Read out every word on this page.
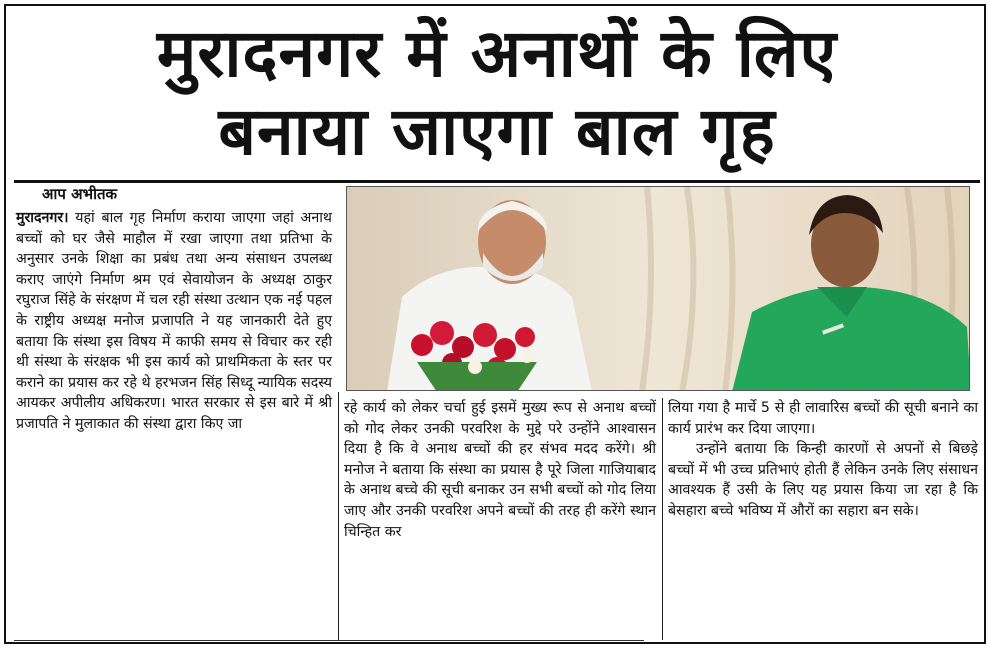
मुरादनगर में अनाथों के लिए
बनाया जाएगा बाल गृह
आप अभीतक

मुरादनगर। यहां बाल गृह निर्माण कराया जाएगा जहां अनाथ बच्चों को घर जैसे माहौल में रखा जाएगा तथा प्रतिभा के अनुसार उनके शिक्षा का प्रबंध तथा अन्य संसाधन उपलब्ध कराए जाएंगे निर्माण श्रम एवं सेवायोजन के अध्यक्ष ठाकुर रघुराज सिंहे के संरक्षण में चल रही संस्था उत्थान एक नई पहल के राष्ट्रीय अध्यक्ष मनोज प्रजापति ने यह जानकारी देते हुए बताया कि संस्था इस विषय में काफी समय से विचार कर रही थी संस्था के संरक्षक भी इस कार्य को प्राथमिकता के स्तर पर कराने का प्रयास कर रहे थे हरभजन सिंह सिध्दू न्यायिक सदस्य आयकर अपीलीय अधिकरण। भारत सरकार से इस बारे में श्री प्रजापति ने मुलाकात की संस्था द्वारा किए जा

रहे कार्य को लेकर चर्चा हुई इसमें मुख्य रूप से अनाथ बच्चों को गोद लेकर उनकी परवरिश के मुद्दे परे उन्होंने आश्वासन दिया है कि वे अनाथ बच्चों की हर संभव मदद करेंगे। श्री मनोज ने बताया कि संस्था का प्रयास है पूरे जिला गाजियाबाद के अनाथ बच्चे की सूची बनाकर उन सभी बच्चों को गोद लिया जाए और उनकी परवरिश अपने बच्चों की तरह ही करेंगे स्थान चिन्हित कर

लिया गया है मार्चे 5 से ही लावारिस बच्चों की सूची बनाने का कार्य प्रारंभ कर दिया जाएगा।

उन्होंने बताया कि किन्ही कारणों से अपनों से बिछड़े बच्चों में भी उच्च प्रतिभाएं होती हैं लेकिन उनके लिए संसाधन आवश्यक हैं उसी के लिए यह प्रयास किया जा रहा है कि बेसहारा बच्चे भविष्य में औरों का सहारा बन सके।
